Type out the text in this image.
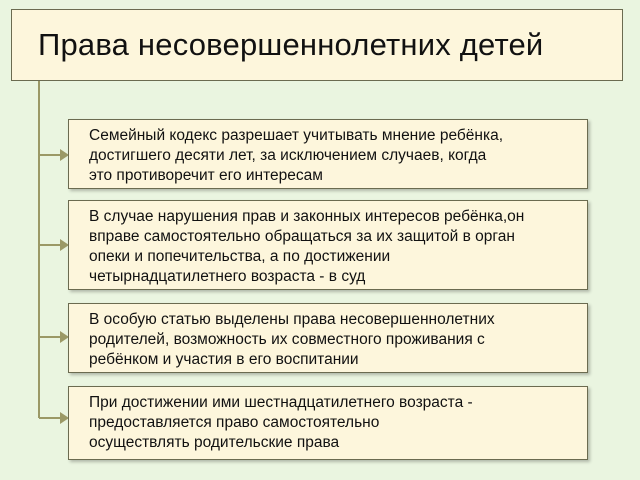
Права несовершеннолетних детей
Семейный кодекс разрешает учитывать мнение ребёнка,
достигшего десяти лет, за исключением случаев, когда
это противоречит его интересам
В случае нарушения прав и законных интересов ребёнка,он
вправе самостоятельно обращаться за их защитой в орган
опеки и попечительства, а по достижении
четырнадцатилетнего возраста - в суд
В особую статью выделены права несовершеннолетних
родителей, возможность их совместного проживания с
ребёнком и участия в его воспитании
При достижении ими шестнадцатилетнего возраста -
предоставляется право самостоятельно
осуществлять родительские права
